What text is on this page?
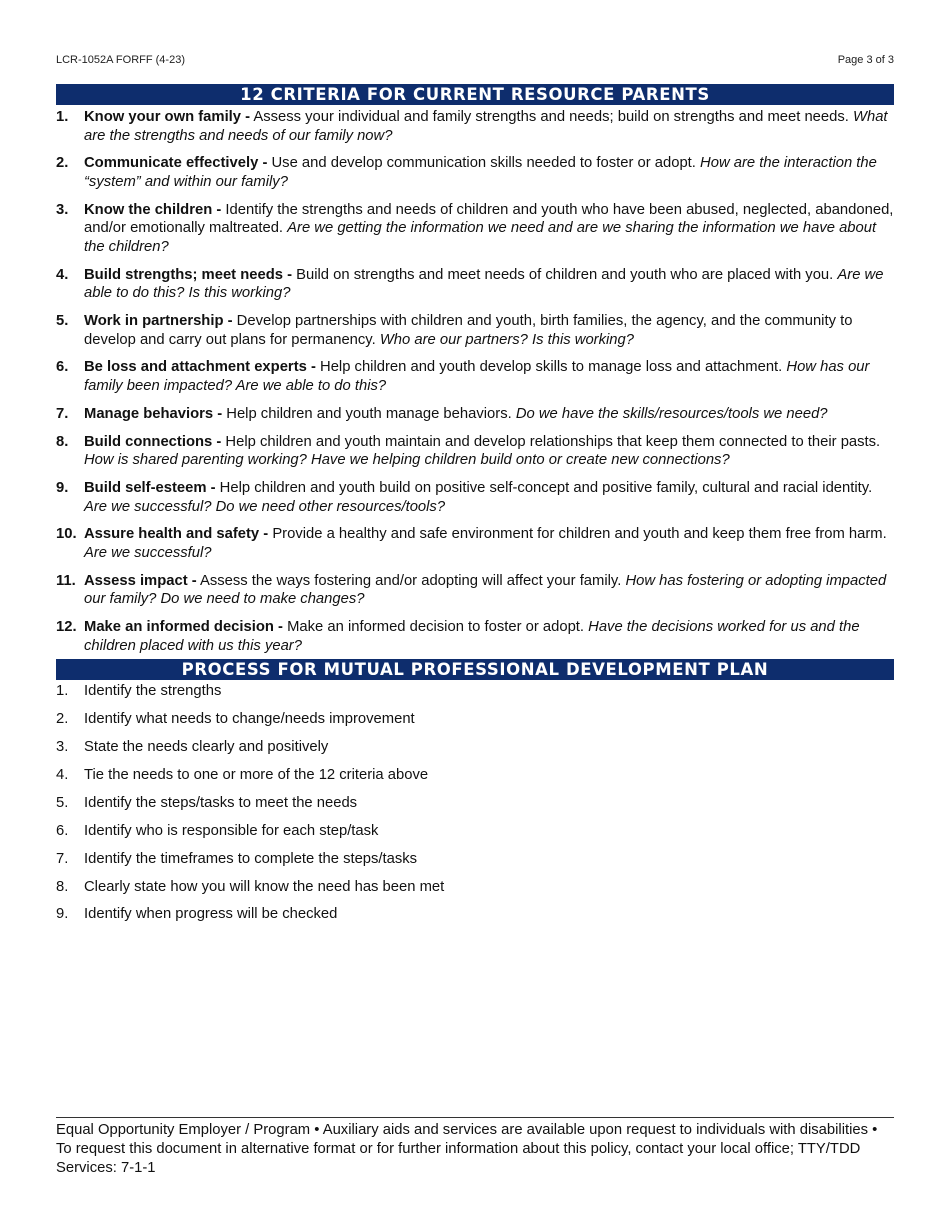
LCR-1052A FORFF (4-23)	Page 3 of 3
12 CRITERIA FOR CURRENT RESOURCE PARENTS
1. Know your own family - Assess your individual and family strengths and needs; build on strengths and meet needs. What are the strengths and needs of our family now?
2. Communicate effectively - Use and develop communication skills needed to foster or adopt. How are the interaction the “system” and within our family?
3. Know the children - Identify the strengths and needs of children and youth who have been abused, neglected, abandoned, and/or emotionally maltreated. Are we getting the information we need and are we sharing the information we have about the children?
4. Build strengths; meet needs - Build on strengths and meet needs of children and youth who are placed with you. Are we able to do this? Is this working?
5. Work in partnership - Develop partnerships with children and youth, birth families, the agency, and the community to develop and carry out plans for permanency. Who are our partners? Is this working?
6. Be loss and attachment experts - Help children and youth develop skills to manage loss and attachment. How has our family been impacted? Are we able to do this?
7. Manage behaviors - Help children and youth manage behaviors. Do we have the skills/resources/tools we need?
8. Build connections - Help children and youth maintain and develop relationships that keep them connected to their pasts. How is shared parenting working? Have we helping children build onto or create new connections?
9. Build self-esteem - Help children and youth build on positive self-concept and positive family, cultural and racial identity. Are we successful? Do we need other resources/tools?
10. Assure health and safety - Provide a healthy and safe environment for children and youth and keep them free from harm. Are we successful?
11. Assess impact - Assess the ways fostering and/or adopting will affect your family. How has fostering or adopting impacted our family? Do we need to make changes?
12. Make an informed decision - Make an informed decision to foster or adopt. Have the decisions worked for us and the children placed with us this year?
PROCESS FOR MUTUAL PROFESSIONAL DEVELOPMENT PLAN
1. Identify the strengths
2. Identify what needs to change/needs improvement
3. State the needs clearly and positively
4. Tie the needs to one or more of the 12 criteria above
5. Identify the steps/tasks to meet the needs
6. Identify who is responsible for each step/task
7. Identify the timeframes to complete the steps/tasks
8. Clearly state how you will know the need has been met
9. Identify when progress will be checked
Equal Opportunity Employer / Program • Auxiliary aids and services are available upon request to individuals with disabilities • To request this document in alternative format or for further information about this policy, contact your local office; TTY/TDD Services: 7-1-1
